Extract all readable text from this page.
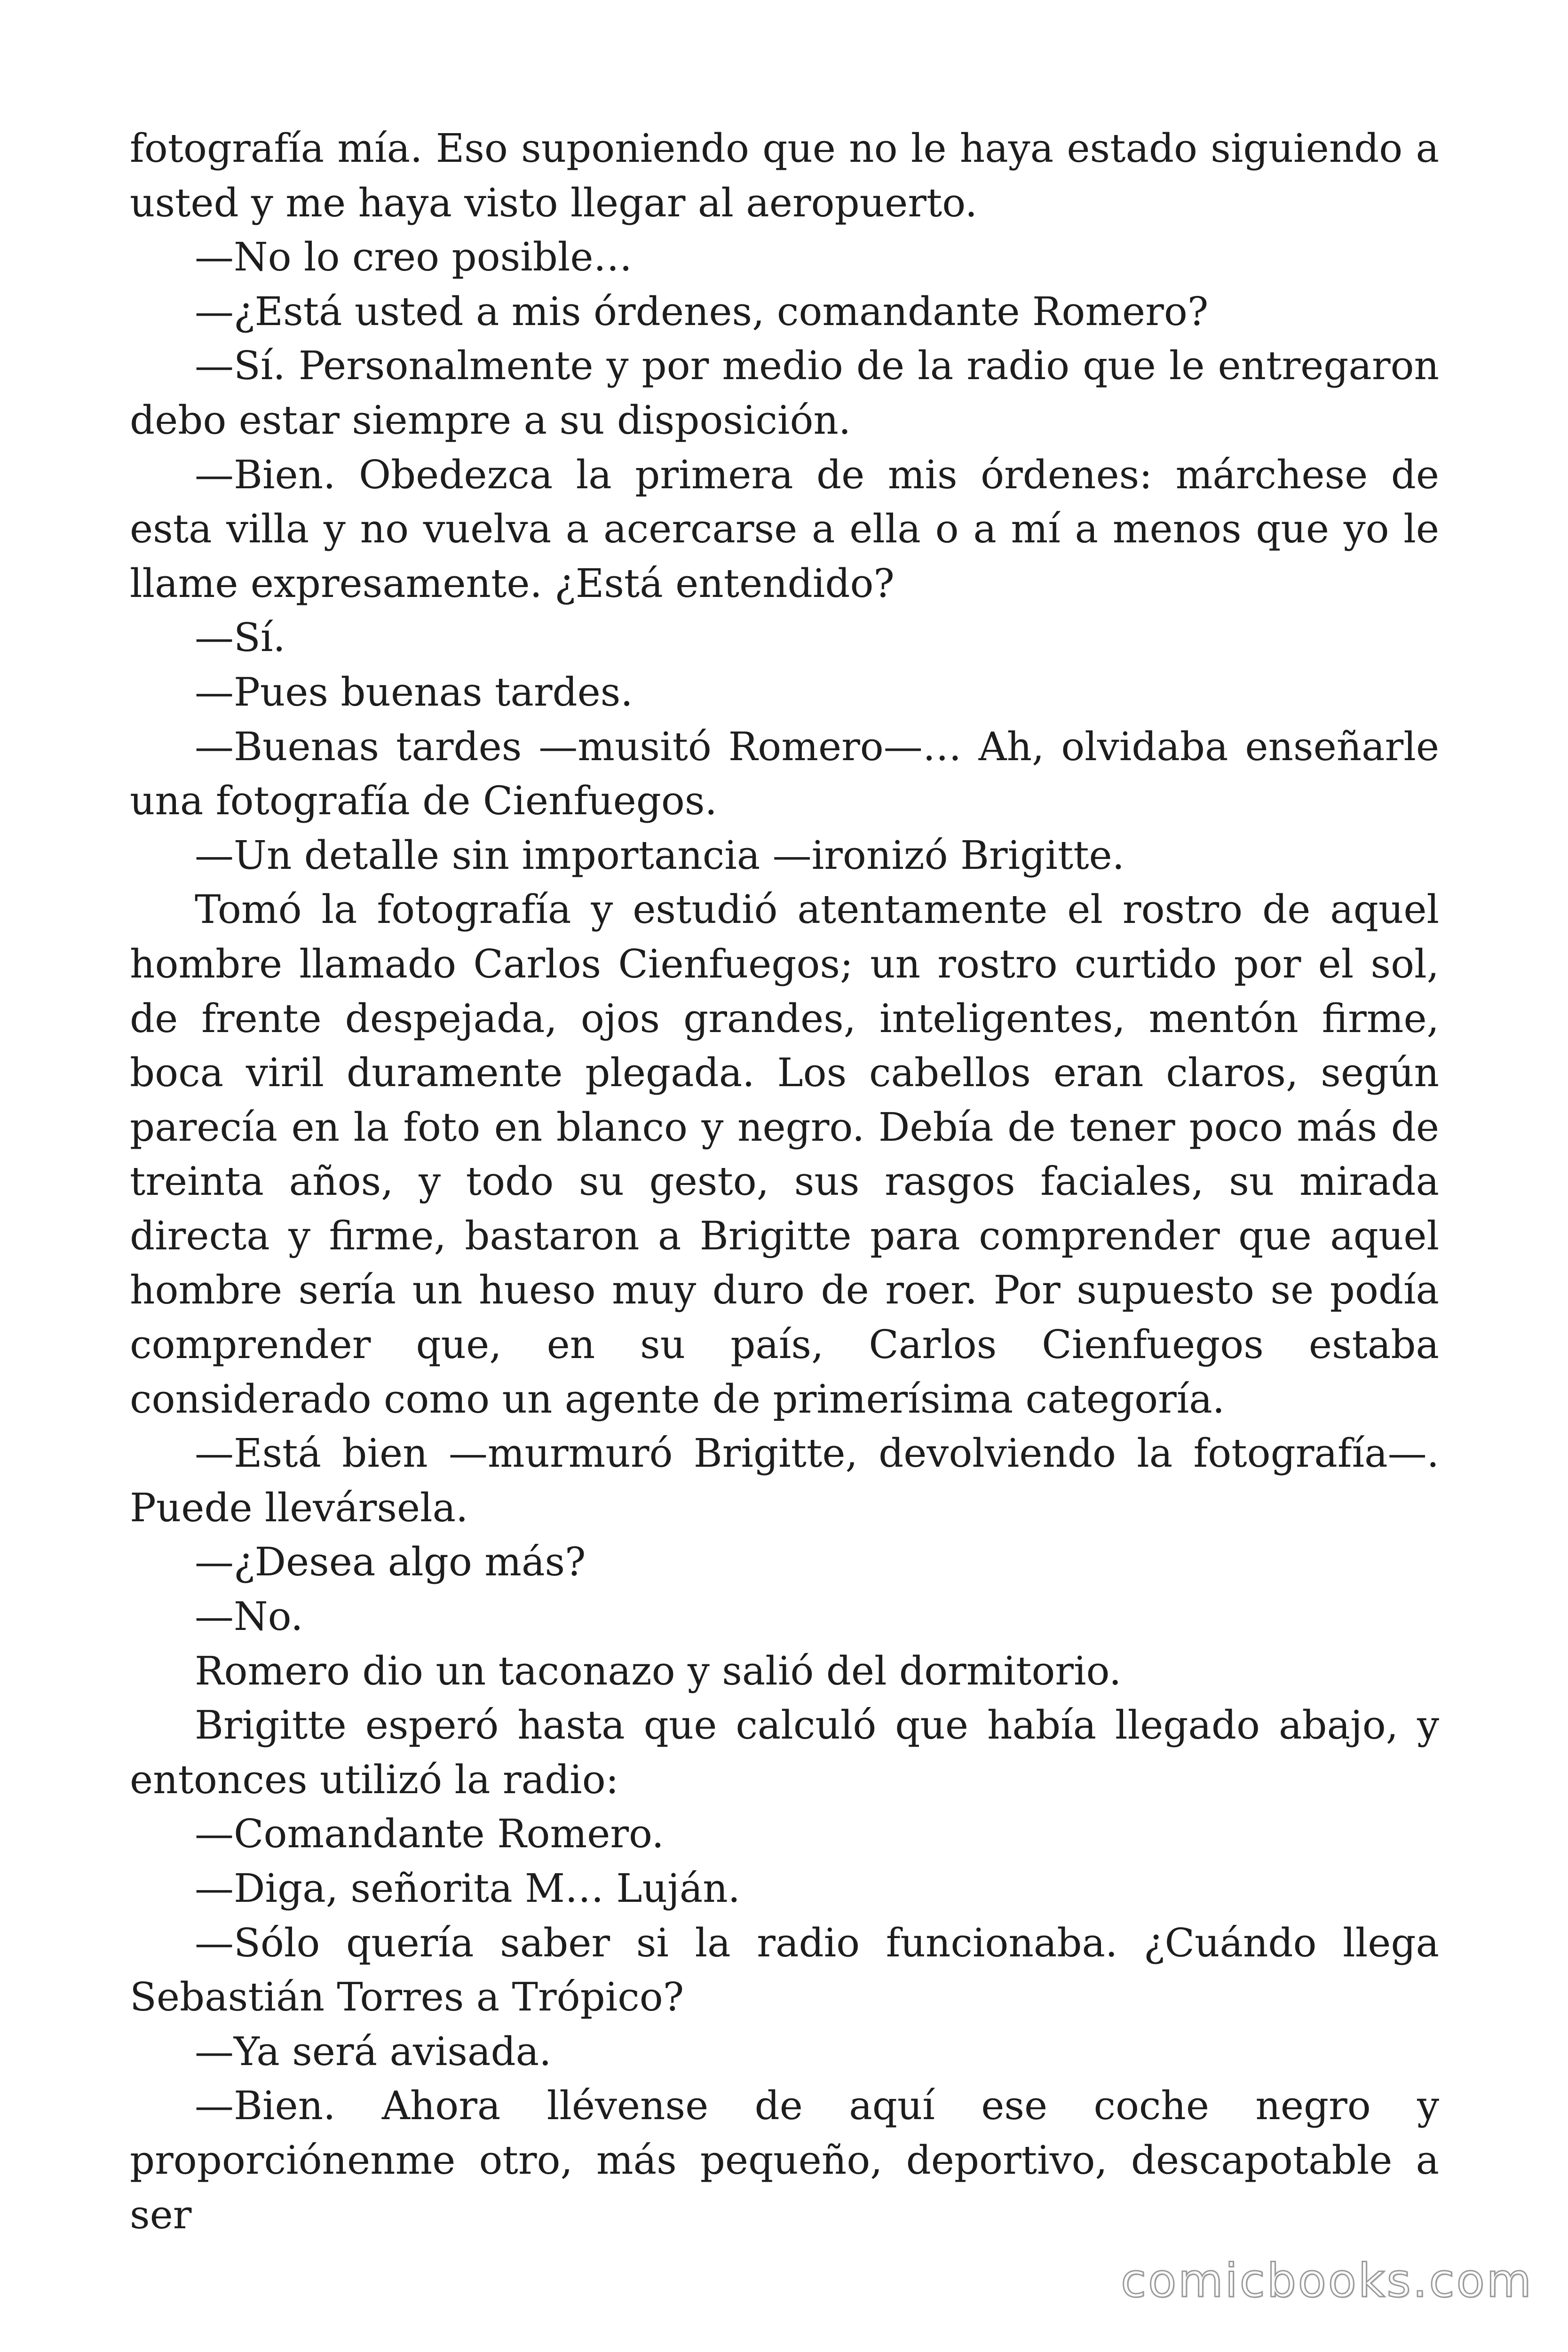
fotografía mía. Eso suponiendo que no le haya estado siguiendo a usted y me haya visto llegar al aeropuerto.

—No lo creo posible…

—¿Está usted a mis órdenes, comandante Romero?

—Sí. Personalmente y por medio de la radio que le entregaron debo estar siempre a su disposición.

—Bien. Obedezca la primera de mis órdenes: márchese de esta villa y no vuelva a acercarse a ella o a mí a menos que yo le llame expresamente. ¿Está entendido?

—Sí.

—Pues buenas tardes.

—Buenas tardes —musitó Romero—… Ah, olvidaba enseñarle una fotografía de Cienfuegos.

—Un detalle sin importancia —ironizó Brigitte.

Tomó la fotografía y estudió atentamente el rostro de aquel hombre llamado Carlos Cienfuegos; un rostro curtido por el sol, de frente despejada, ojos grandes, inteligentes, mentón firme, boca viril duramente plegada. Los cabellos eran claros, según parecía en la foto en blanco y negro. Debía de tener poco más de treinta años, y todo su gesto, sus rasgos faciales, su mirada directa y firme, bastaron a Brigitte para comprender que aquel hombre sería un hueso muy duro de roer. Por supuesto se podía comprender que, en su país, Carlos Cienfuegos estaba considerado como un agente de primerísima categoría.

—Está bien —murmuró Brigitte, devolviendo la fotografía—. Puede llevársela.

—¿Desea algo más?

—No.

Romero dio un taconazo y salió del dormitorio.

Brigitte esperó hasta que calculó que había llegado abajo, y entonces utilizó la radio:

—Comandante Romero.

—Diga, señorita M… Luján.

—Sólo quería saber si la radio funcionaba. ¿Cuándo llega Sebastián Torres a Trópico?

—Ya será avisada.

—Bien. Ahora llévense de aquí ese coche negro y proporciónenme otro, más pequeño, deportivo, descapotable a ser

comicbooks.com
